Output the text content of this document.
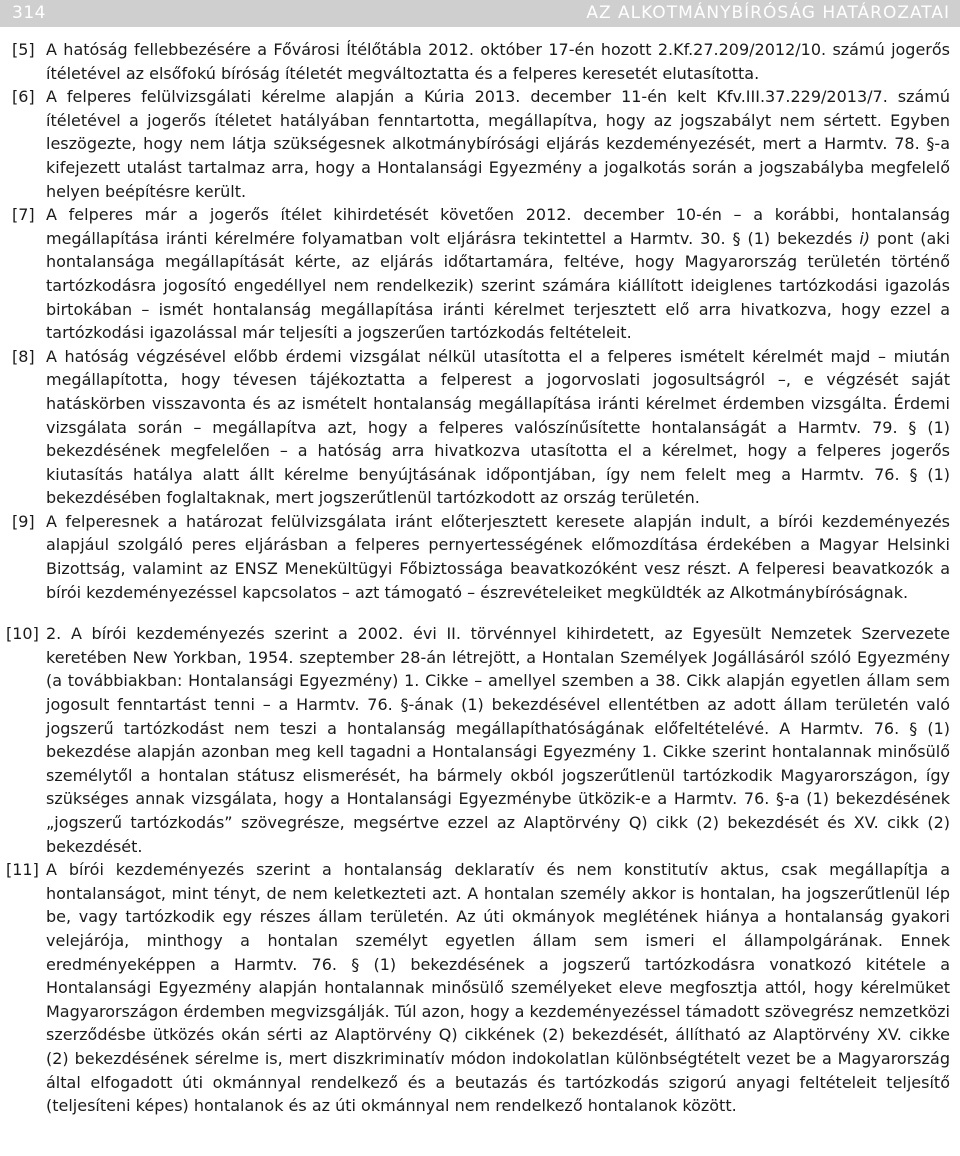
314	AZ ALKOTMÁNYBÍRÓSÁG HATÁROZATAI

[5] A hatóság fellebbezésére a Fővárosi Ítélőtábla 2012. október 17-én hozott 2.Kf.27.209/2012/10. számú jogerős ítéletével az elsőfokú bíróság ítéletét megváltoztatta és a felperes keresetét elutasította.

[6] A felperes felülvizsgálati kérelme alapján a Kúria 2013. december 11-én kelt Kfv.III.37.229/2013/7. számú ítéletével a jogerős ítéletet hatályában fenntartotta, megállapítva, hogy az jogszabályt nem sértett. Egyben leszögezte, hogy nem látja szükségesnek alkotmánybírósági eljárás kezdeményezését, mert a Harmtv. 78. §-a kifejezett utalást tartalmaz arra, hogy a Hontalansági Egyezmény a jogalkotás során a jogszabályba megfelelő helyen beépítésre került.

[7] A felperes már a jogerős ítélet kihirdetését követően 2012. december 10-én – a korábbi, hontalanság megállapítása iránti kérelmére folyamatban volt eljárásra tekintettel a Harmtv. 30. § (1) bekezdés i) pont (aki hontalansága megállapítását kérte, az eljárás időtartamára, feltéve, hogy Magyarország területén történő tartózkodásra jogosító engedéllyel nem rendelkezik) szerint számára kiállított ideiglenes tartózkodási igazolás birtokában – ismét hontalanság megállapítása iránti kérelmet terjesztett elő arra hivatkozva, hogy ezzel a tartózkodási igazolással már teljesíti a jogszerűen tartózkodás feltételeit.

[8] A hatóság végzésével előbb érdemi vizsgálat nélkül utasította el a felperes ismételt kérelmét majd – miután megállapította, hogy tévesen tájékoztatta a felperest a jogorvoslati jogosultságról –, e végzését saját hatáskörben visszavonta és az ismételt hontalanság megállapítása iránti kérelmet érdemben vizsgálta. Érdemi vizsgálata során – megállapítva azt, hogy a felperes valószínűsítette hontalanságát a Harmtv. 79. § (1) bekezdésének megfelelően – a hatóság arra hivatkozva utasította el a kérelmet, hogy a felperes jogerős kiutasítás hatálya alatt állt kérelme benyújtásának időpontjában, így nem felelt meg a Harmtv. 76. § (1) bekezdésében foglaltaknak, mert jogszerűtlenül tartózkodott az ország területén.

[9] A felperesnek a határozat felülvizsgálata iránt előterjesztett keresete alapján indult, a bírói kezdeményezés alapjául szolgáló peres eljárásban a felperes pernyertességének előmozdítása érdekében a Magyar Helsinki Bizottság, valamint az ENSZ Menekültügyi Főbiztossága beavatkozóként vesz részt. A felperesi beavatkozók a bírói kezdeményezéssel kapcsolatos – azt támogató – észrevételeiket megküldték az Alkotmánybíróságnak.

[10] 2. A bírói kezdeményezés szerint a 2002. évi II. törvénnyel kihirdetett, az Egyesült Nemzetek Szervezete keretében New Yorkban, 1954. szeptember 28-án létrejött, a Hontalan Személyek Jogállásáról szóló Egyezmény (a továbbiakban: Hontalansági Egyezmény) 1. Cikke – amellyel szemben a 38. Cikk alapján egyetlen állam sem jogosult fenntartást tenni – a Harmtv. 76. §-ának (1) bekezdésével ellentétben az adott állam területén való jogszerű tartózkodást nem teszi a hontalanság megállapíthatóságának előfeltételévé. A Harmtv. 76. § (1) bekezdése alapján azonban meg kell tagadni a Hontalansági Egyezmény 1. Cikke szerint hontalannak minősülő személytől a hontalan státusz elismerését, ha bármely okból jogszerűtlenül tartózkodik Magyarországon, így szükséges annak vizsgálata, hogy a Hontalansági Egyezménybe ütközik-e a Harmtv. 76. §-a (1) bekezdésének „jogszerű tartózkodás” szövegrésze, megsértve ezzel az Alaptörvény Q) cikk (2) bekezdését és XV. cikk (2) bekezdését.

[11] A bírói kezdeményezés szerint a hontalanság deklaratív és nem konstitutív aktus, csak megállapítja a hontalanságot, mint tényt, de nem keletkezteti azt. A hontalan személy akkor is hontalan, ha jogszerűtlenül lép be, vagy tartózkodik egy részes állam területén. Az úti okmányok meglétének hiánya a hontalanság gyakori velejárója, minthogy a hontalan személyt egyetlen állam sem ismeri el állampolgárának. Ennek eredményeképpen a Harmtv. 76. § (1) bekezdésének a jogszerű tartózkodásra vonatkozó kitétele a Hontalansági Egyezmény alapján hontalannak minősülő személyeket eleve megfosztja attól, hogy kérelmüket Magyarországon érdemben megvizsgálják. Túl azon, hogy a kezdeményezéssel támadott szövegrész nemzetközi szerződésbe ütközés okán sérti az Alaptörvény Q) cikkének (2) bekezdését, állítható az Alaptörvény XV. cikke (2) bekezdésének sérelme is, mert diszkriminatív módon indokolatlan különbségtételt vezet be a Magyarország által elfogadott úti okmánnyal rendelkező és a beutazás és tartózkodás szigorú anyagi feltételeit teljesítő (teljesíteni képes) hontalanok és az úti okmánnyal nem rendelkező hontalanok között.
